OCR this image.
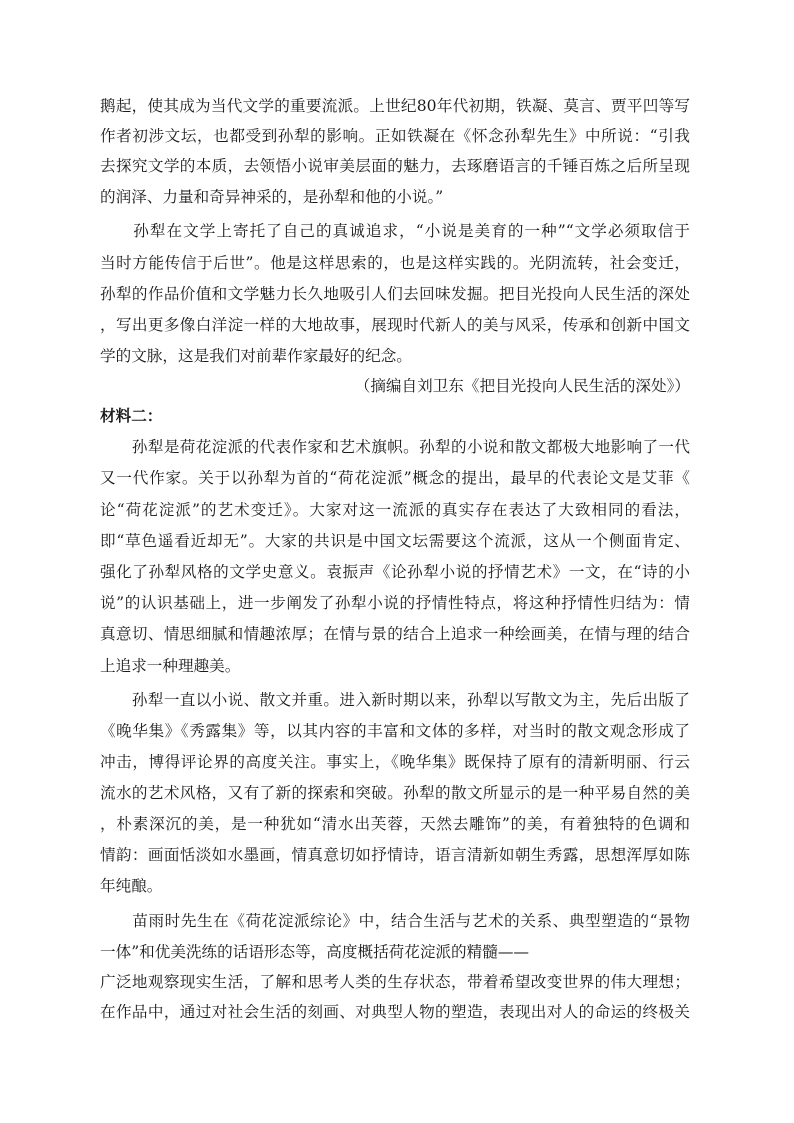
鹅起，使其成为当代文学的重要流派。上世纪80年代初期，铁凝、莫言、贾平凹等写
作者初涉文坛，也都受到孙犁的影响。正如铁凝在《怀念孙犁先生》中所说：“引我
去探究文学的本质，去领悟小说审美层面的魅力，去琢磨语言的千锤百炼之后所呈现
的润泽、力量和奇异神采的，是孙犁和他的小说。”
　　孙犁在文学上寄托了自己的真诚追求，“小说是美育的一种”“文学必须取信于
当时方能传信于后世”。他是这样思索的，也是这样实践的。光阴流转，社会变迁，
孙犁的作品价值和文学魅力长久地吸引人们去回味发掘。把目光投向人民生活的深处
，写出更多像白洋淀一样的大地故事，展现时代新人的美与风采，传承和创新中国文
学的文脉，这是我们对前辈作家最好的纪念。
（摘编自刘卫东《把目光投向人民生活的深处》）
材料二：
　　孙犁是荷花淀派的代表作家和艺术旗帜。孙犁的小说和散文都极大地影响了一代
又一代作家。关于以孙犁为首的“荷花淀派”概念的提出，最早的代表论文是艾菲《
论“荷花淀派”的艺术变迁》。大家对这一流派的真实存在表达了大致相同的看法，
即“草色遥看近却无”。大家的共识是中国文坛需要这个流派，这从一个侧面肯定、
强化了孙犁风格的文学史意义。袁振声《论孙犁小说的抒情艺术》一文，在“诗的小
说”的认识基础上，进一步阐发了孙犁小说的抒情性特点，将这种抒情性归结为：情
真意切、情思细腻和情趣浓厚；在情与景的结合上追求一种绘画美，在情与理的结合
上追求一种理趣美。
　　孙犁一直以小说、散文并重。进入新时期以来，孙犁以写散文为主，先后出版了
《晚华集》《秀露集》等，以其内容的丰富和文体的多样，对当时的散文观念形成了
冲击，博得评论界的高度关注。事实上，《晚华集》既保持了原有的清新明丽、行云
流水的艺术风格，又有了新的探索和突破。孙犁的散文所显示的是一种平易自然的美
，朴素深沉的美，是一种犹如“清水出芙蓉，天然去雕饰”的美，有着独特的色调和
情韵：画面恬淡如水墨画，情真意切如抒情诗，语言清新如朝生秀露，思想浑厚如陈
年纯酿。
　　苗雨时先生在《荷花淀派综论》中，结合生活与艺术的关系、典型塑造的“景物
一体”和优美洗练的话语形态等，高度概括荷花淀派的精髓——
广泛地观察现实生活，了解和思考人类的生存状态，带着希望改变世界的伟大理想；
在作品中，通过对社会生活的刻画、对典型人物的塑造，表现出对人的命运的终极关
